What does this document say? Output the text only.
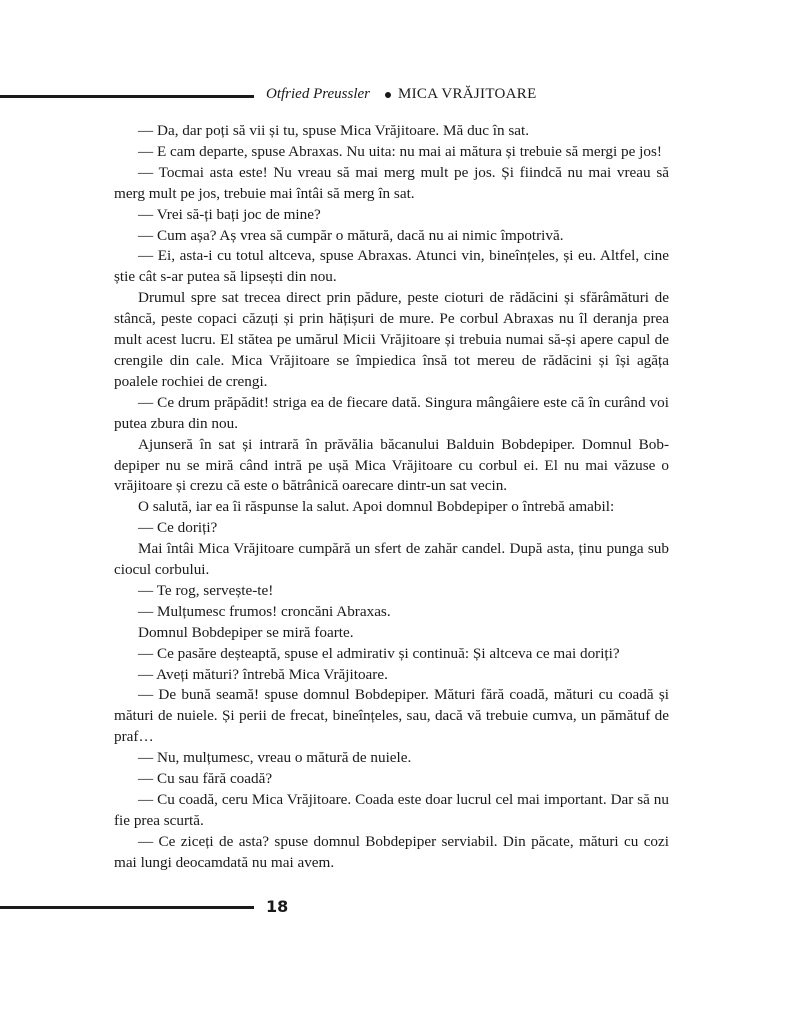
Otfried Preussler MICA VRĂJITOARE

— Da, dar poți să vii și tu, spuse Mica Vrăjitoare. Mă duc în sat.

— E cam departe, spuse Abraxas. Nu uita: nu mai ai mătura și trebuie să mergi pe jos!

— Tocmai asta este! Nu vreau să mai merg mult pe jos. Și fiindcă nu mai vreau să merg mult pe jos, trebuie mai întâi să merg în sat.

— Vrei să-ți bați joc de mine?

— Cum așa? Aș vrea să cumpăr o mătură, dacă nu ai nimic împotrivă.

— Ei, asta-i cu totul altceva, spuse Abraxas. Atunci vin, bineînțeles, și eu. Altfel, cine știe cât s-ar putea să lipsești din nou.

Drumul spre sat trecea direct prin pădure, peste cioturi de rădăcini și sfărâmături de stâncă, peste copaci căzuți și prin hățișuri de mure. Pe corbul Abraxas nu îl deranja prea mult acest lucru. El stătea pe umărul Micii Vrăjitoare și trebuia numai să-și apere capul de crengile din cale. Mica Vrăjitoare se împiedica însă tot mereu de rădăcini și își agăța poalele rochiei de crengi.

— Ce drum prăpădit! striga ea de fiecare dată. Singura mângâiere este că în curând voi putea zbura din nou.

Ajunseră în sat și intrară în prăvălia băcanului Balduin Bobdepiper. Domnul Bobdepiper nu se miră când intră pe ușă Mica Vrăjitoare cu corbul ei. El nu mai văzuse o vrăjitoare și crezu că este o bătrânică oarecare dintr-un sat vecin.

O salută, iar ea îi răspunse la salut. Apoi domnul Bobdepiper o întrebă amabil:

— Ce doriți?

Mai întâi Mica Vrăjitoare cumpără un sfert de zahăr candel. După asta, ținu punga sub ciocul corbului.

— Te rog, servește-te!

— Mulțumesc frumos! croncăni Abraxas.

Domnul Bobdepiper se miră foarte.

— Ce pasăre deșteaptă, spuse el admirativ și continuă: Și altceva ce mai doriți?

— Aveți mături? întrebă Mica Vrăjitoare.

— De bună seamă! spuse domnul Bobdepiper. Mături fără coadă, mături cu coadă și mături de nuiele. Și perii de frecat, bineînțeles, sau, dacă vă trebuie cumva, un pămătuf de praf…

— Nu, mulțumesc, vreau o mătură de nuiele.

— Cu sau fără coadă?

— Cu coadă, ceru Mica Vrăjitoare. Coada este doar lucrul cel mai important. Dar să nu fie prea scurtă.

— Ce ziceți de asta? spuse domnul Bobdepiper serviabil. Din păcate, mături cu cozi mai lungi deocamdată nu mai avem.

18
